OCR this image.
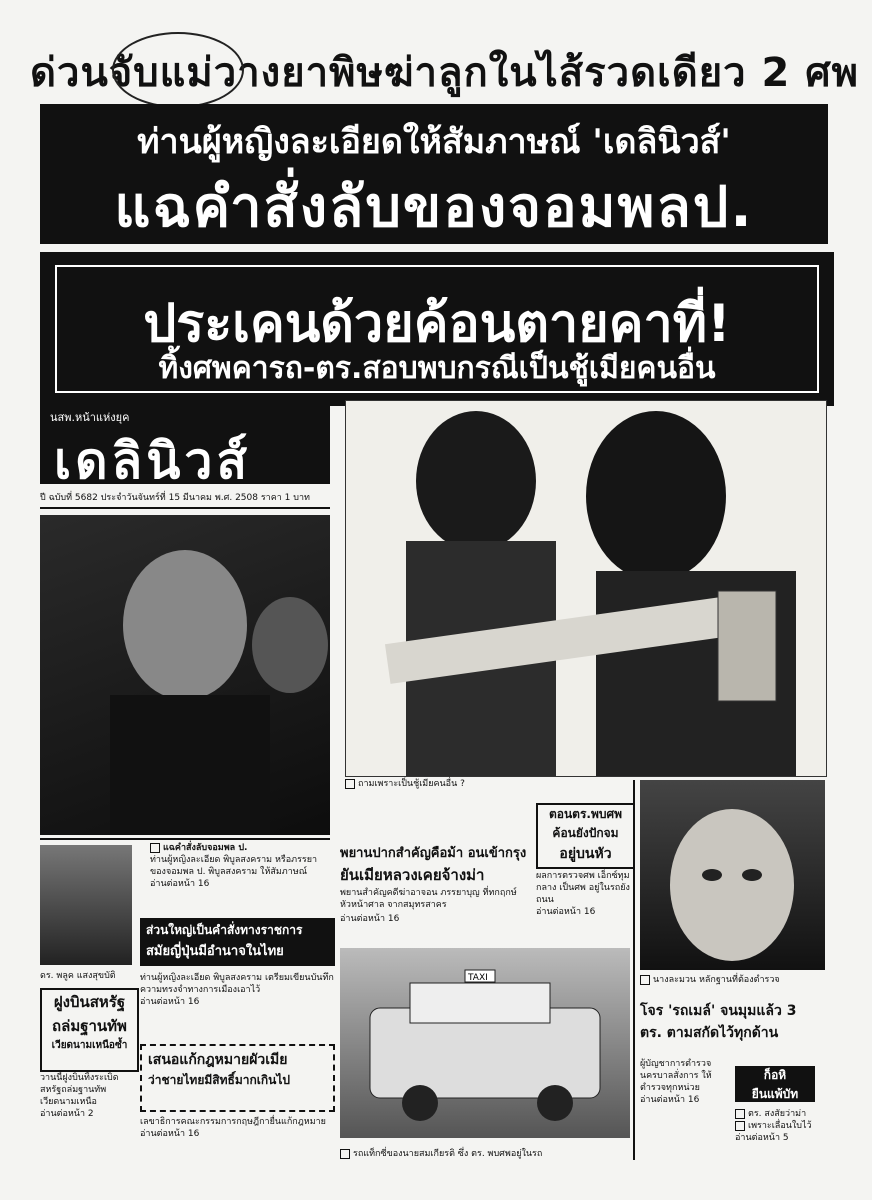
ด่วนจับแม่วางยาพิษฆ่าลูกในไส้รวดเดียว 2 ศพ
ท่านผู้หญิงละเอียดให้สัมภาษณ์ 'เดลินิวส์'
แฉคำสั่งลับของจอมพลป.
ประเคนด้วยค้อนตายคาที่!
ทิ้งศพคารถ-ตร.สอบพบกรณีเป็นชู้เมียคนอื่น
นสพ.หน้าแห่งยุค
เดลินิวส์
ปี ฉบับที่ 5682 ประจำวันจันทร์ที่ 15 มีนาคม พ.ศ. 2508 ราคา 1 บาท
ถามเพราะเป็นชู้เมียคนอื่น ?
แฉคำสั่งลับจอมพล ป.
ท่านผู้หญิงละเอียด พิบูลสงคราม หรือภรรยาของจอมพล ป. พิบูลสงคราม ให้สัมภาษณ์
อ่านต่อหน้า 16
ดร. พลูค แสงสุขบัติ
ฝูงบินสหรัฐ
ถล่มฐานทัพ
เวียดนามเหนือซ้ำ
วานนี้ฝูงบินทิ้งระเบิดสหรัฐถล่มฐานทัพเวียดนามเหนือ
อ่านต่อหน้า 2
พยานปากสำคัญคือม้า อนเข้ากรุง
ยันเมียหลวงเคยจ้างม่า
พยานสำคัญคดีฆ่าอาจอน ภรรยาบุญ ที่ทกฤกษ์ หัวหน้าศาล จากสมุทรสาคร
อ่านต่อหน้า 16
ตอนตร.พบศพ
ค้อนยังปักจม
อยู่บนหัว
ผลการตรวจศพ เอ็กซ์ทุม กลาง เป็นศพ อยู่ในรถยังถนน
อ่านต่อหน้า 16
ส่วนใหญ่เป็นคำสั่งทางราชการ
สมัยญี่ปุ่นมีอำนาจในไทย
ท่านผู้หญิงละเอียด พิบูลสงคราม เตรียมเขียนบันทึกความทรงจำทางการเมืองเอาไว้
อ่านต่อหน้า 16
เสนอแก้กฎหมายผัวเมีย
ว่าชายไทยมีสิทธิ์มากเกินไป
เลขาธิการคณะกรรมการกฤษฎีกายื่นแก้กฎหมาย
อ่านต่อหน้า 16
TAXI
รถแท็กซี่ของนายสมเกียรติ ซึ่ง ตร. พบศพอยู่ในรถ
นางละมวน หลักฐานที่ต้องตำรวจ
โจร 'รถเมล์' จนมุมแล้ว 3
ตร. ตามสกัดไว้ทุกด้าน
ผู้บัญชาการตำรวจ นครบาลสั่งการ ให้ตำรวจทุกหน่วย
อ่านต่อหน้า 16
ก็อหิ
ยืนแพ้บัท
ตร. สงสัยว่าม่า
เพราะเลื่อนใบไว้
อ่านต่อหน้า 5
